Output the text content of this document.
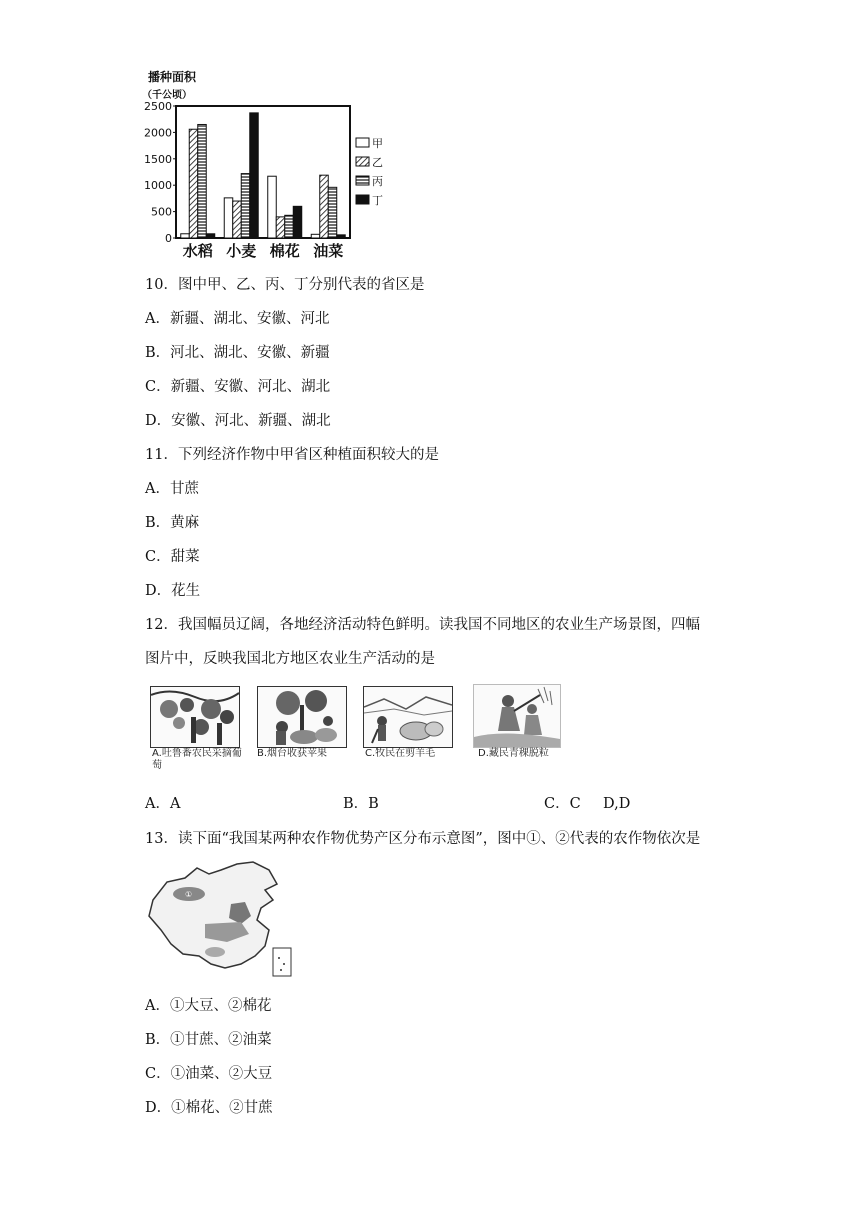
播种面积
（千公顷）
0
500
1000
1500
2000
2500
水稻 小麦 棉花 油菜
甲
乙
丙
丁
10．图中甲、乙、丙、丁分别代表的省区是
A．新疆、湖北、安徽、河北
B．河北、湖北、安徽、新疆
C．新疆、安徽、河北、湖北
D．安徽、河北、新疆、湖北
11．下列经济作物中甲省区种植面积较大的是
A．甘蔗
B．黄麻
C．甜菜
D．花生
12．我国幅员辽阔，各地经济活动特色鲜明。读我国不同地区的农业生产场景图，四幅
图片中，反映我国北方地区农业生产活动的是
A.吐鲁番农民采摘葡萄
B.烟台收获苹果	C.牧民在剪羊毛	D.藏民青稞脱粒
A．A	B．B	C．C D,D
13．读下面“我国某两种农作物优势产区分布示意图”，图中①、②代表的农作物依次是
①
A．①大豆、②棉花
B．①甘蔗、②油菜
C．①油菜、②大豆
D．①棉花、②甘蔗
